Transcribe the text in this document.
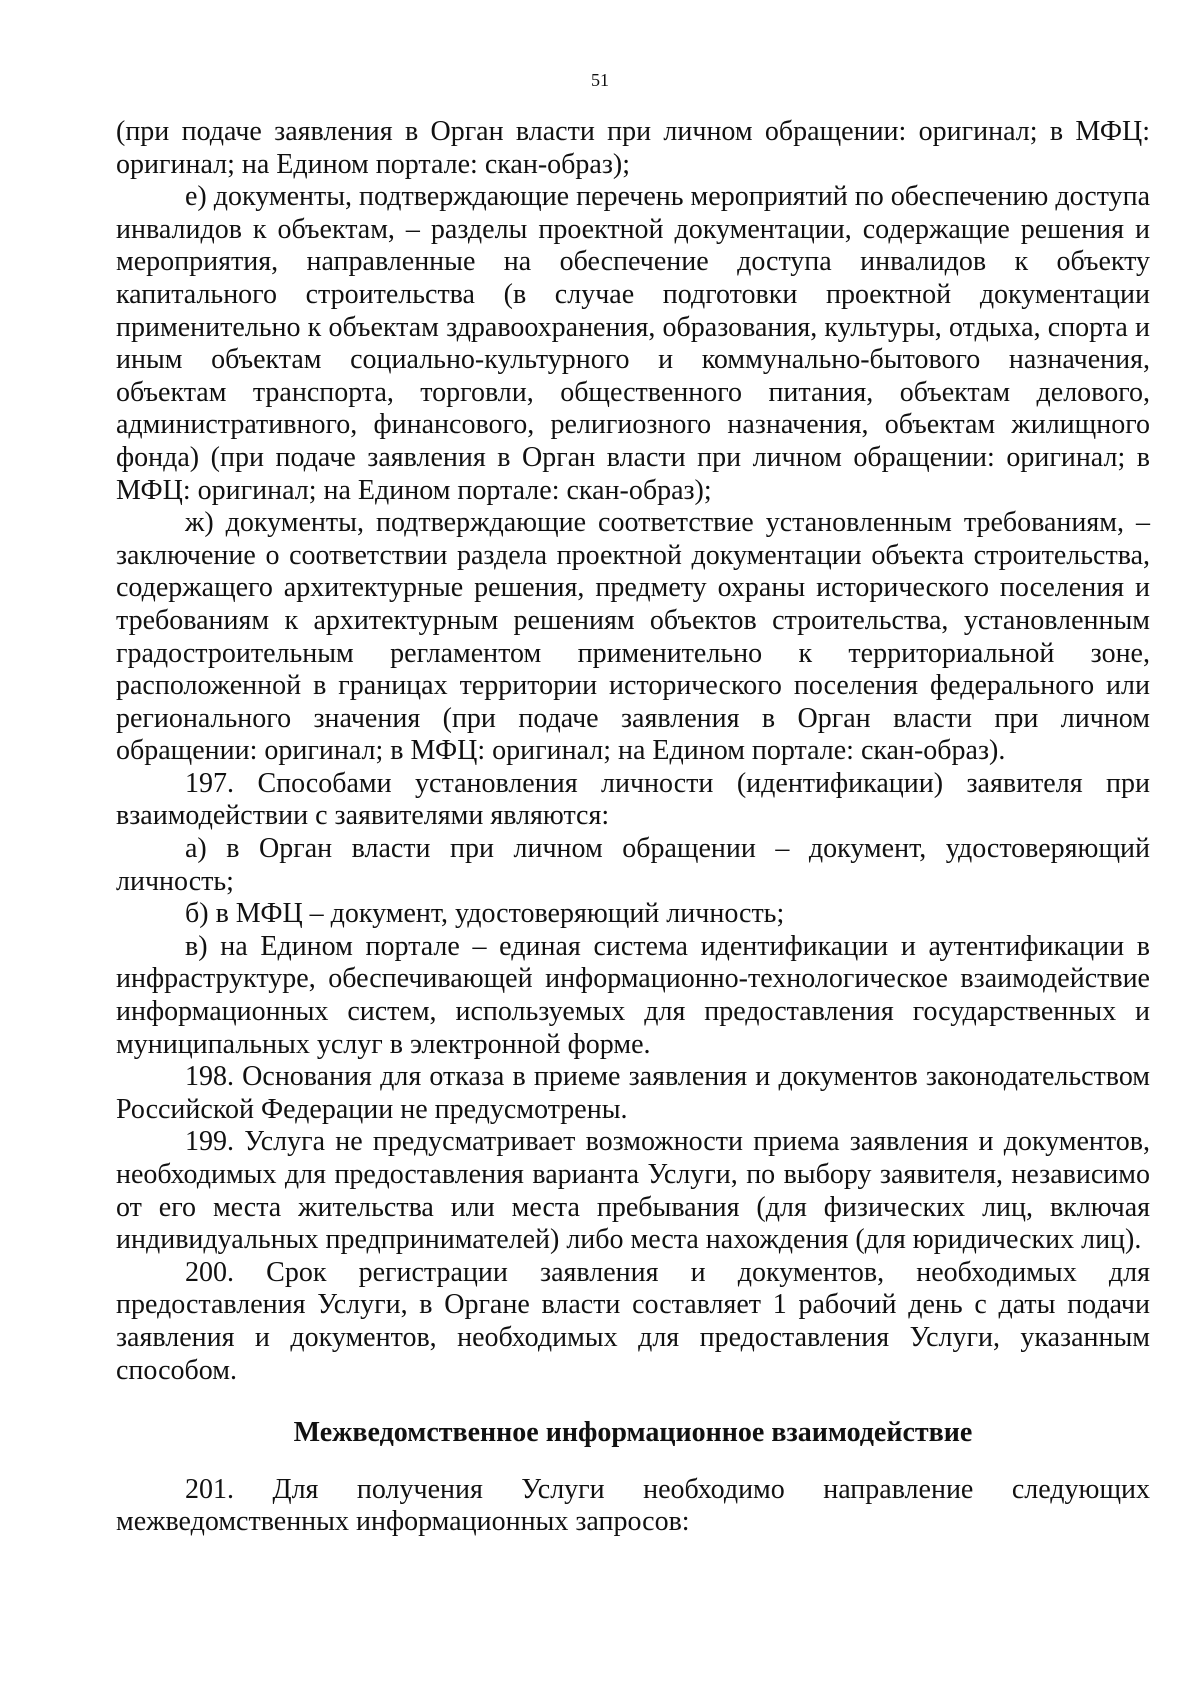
51

(при подаче заявления в Орган власти при личном обращении: оригинал; в МФЦ: оригинал; на Едином портале: скан-образ);

е) документы, подтверждающие перечень мероприятий по обеспечению доступа инвалидов к объектам, – разделы проектной документации, содержащие решения и мероприятия, направленные на обеспечение доступа инвалидов к объекту капитального строительства (в случае подготовки проектной документации применительно к объектам здравоохранения, образования, культуры, отдыха, спорта и иным объектам социально-культурного и коммунально-бытового назначения, объектам транспорта, торговли, общественного питания, объектам делового, административного, финансового, религиозного назначения, объектам жилищного фонда) (при подаче заявления в Орган власти при личном обращении: оригинал; в МФЦ: оригинал; на Едином портале: скан-образ);

ж) документы, подтверждающие соответствие установленным требованиям, – заключение о соответствии раздела проектной документации объекта строительства, содержащего архитектурные решения, предмету охраны исторического поселения и требованиям к архитектурным решениям объектов строительства, установленным градостроительным регламентом применительно к территориальной зоне, расположенной в границах территории исторического поселения федерального или регионального значения (при подаче заявления в Орган власти при личном обращении: оригинал; в МФЦ: оригинал; на Едином портале: скан-образ).

197. Способами установления личности (идентификации) заявителя при взаимодействии с заявителями являются:

а) в Орган власти при личном обращении – документ, удостоверяющий личность;

б) в МФЦ – документ, удостоверяющий личность;

в) на Едином портале – единая система идентификации и аутентификации в инфраструктуре, обеспечивающей информационно-технологическое взаимодействие информационных систем, используемых для предоставления государственных и муниципальных услуг в электронной форме.

198. Основания для отказа в приеме заявления и документов законодательством Российской Федерации не предусмотрены.

199. Услуга не предусматривает возможности приема заявления и документов, необходимых для предоставления варианта Услуги, по выбору заявителя, независимо от его места жительства или места пребывания (для физических лиц, включая индивидуальных предпринимателей) либо места нахождения (для юридических лиц).

200. Срок регистрации заявления и документов, необходимых для предоставления Услуги, в Органе власти составляет 1 рабочий день с даты подачи заявления и документов, необходимых для предоставления Услуги, указанным способом.

Межведомственное информационное взаимодействие

201. Для получения Услуги необходимо направление следующих межведомственных информационных запросов:
